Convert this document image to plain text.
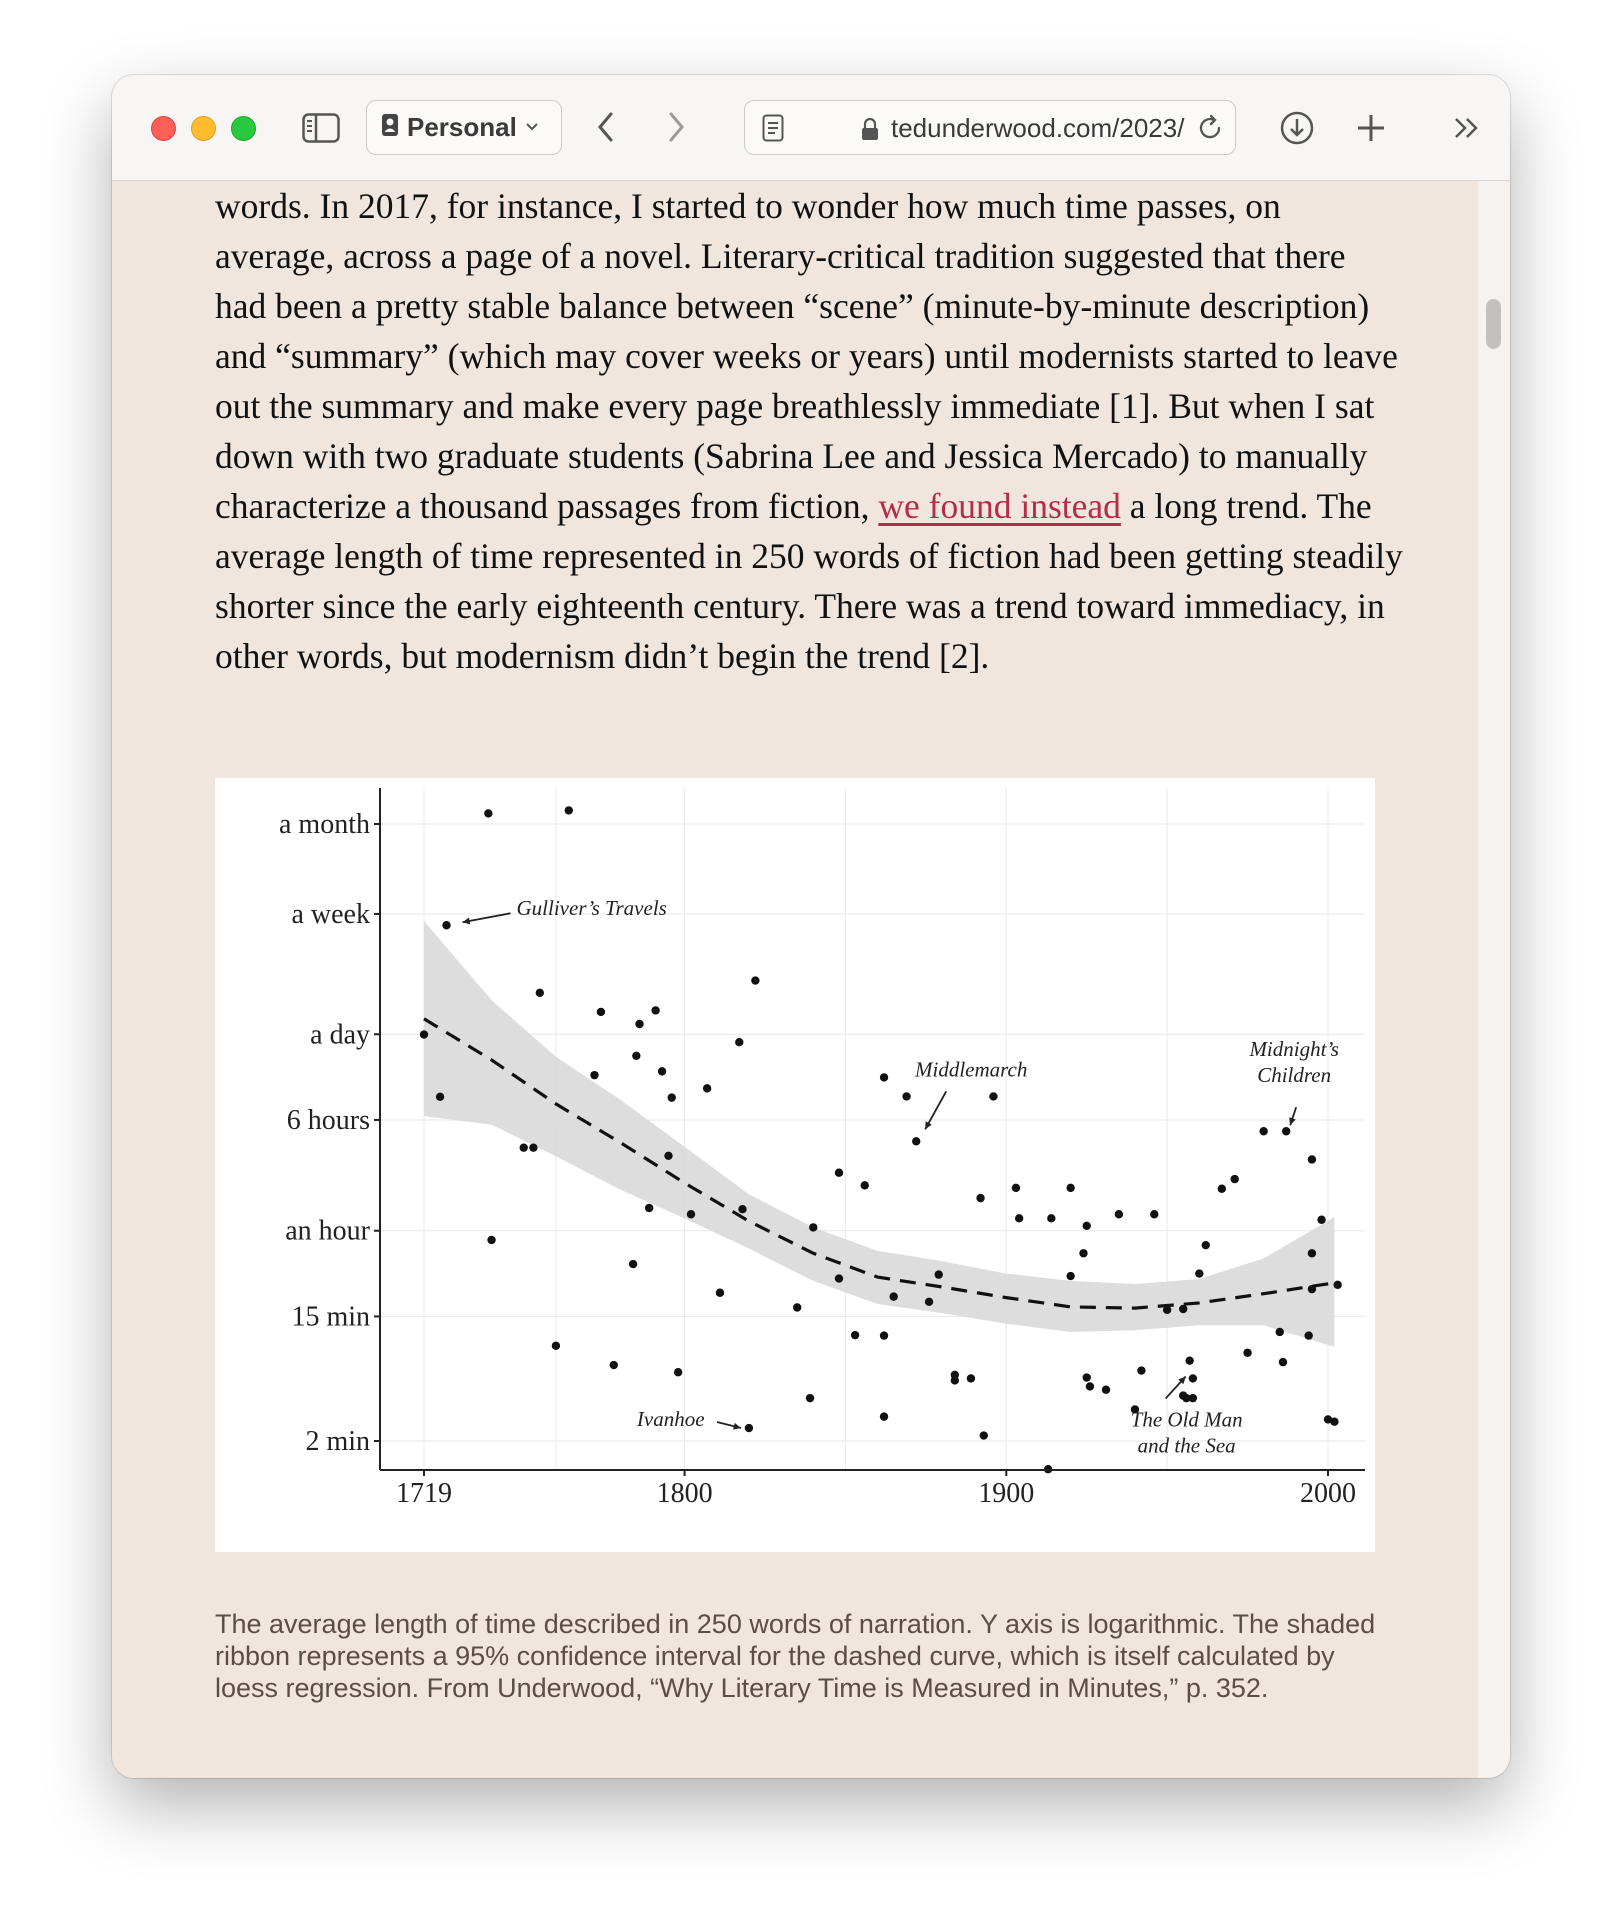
Personal	tedunderwood.com/2023/

words. In 2017, for instance, I started to wonder how much time passes, on average, across a page of a novel. Literary-critical tradition suggested that there had been a pretty stable balance between “scene” (minute-by-minute description) and “summary” (which may cover weeks or years) until modernists started to leave out the summary and make every page breathlessly immediate [1]. But when I sat down with two graduate students (Sabrina Lee and Jessica Mercado) to manually characterize a thousand passages from fiction, we found instead a long trend. The average length of time represented in 250 words of fiction had been getting steadily shorter since the early eighteenth century. There was a trend toward immediacy, in other words, but modernism didn’t begin the trend [2].

2 min
15 min
an hour
6 hours
a day
a week
a month
1719	1800	1900	2000
Gulliver’s Travels
Middlemarch
Ivanhoe	The Old Man
and the Sea
Midnight’s
Children

The average length of time described in 250 words of narration. Y axis is logarithmic. The shaded ribbon represents a 95% confidence interval for the dashed curve, which is itself calculated by loess regression. From Underwood, “Why Literary Time is Measured in Minutes,” p. 352.
